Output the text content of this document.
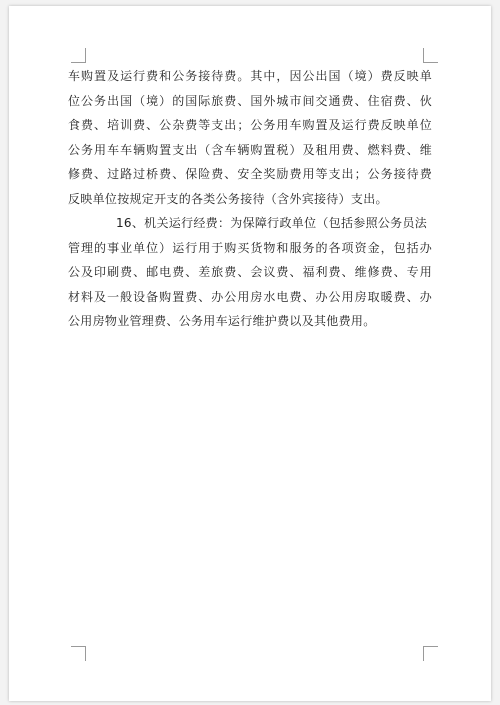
车购置及运行费和公务接待费。其中，因公出国（境）费反映单
位公务出国（境）的国际旅费、国外城市间交通费、住宿费、伙
食费、培训费、公杂费等支出；公务用车购置及运行费反映单位
公务用车车辆购置支出（含车辆购置税）及租用费、燃料费、维
修费、过路过桥费、保险费、安全奖励费用等支出；公务接待费
反映单位按规定开支的各类公务接待（含外宾接待）支出。
16、机关运行经费：为保障行政单位（包括参照公务员法
管理的事业单位）运行用于购买货物和服务的各项资金，包括办
公及印刷费、邮电费、差旅费、会议费、福利费、维修费、专用
材料及一般设备购置费、办公用房水电费、办公用房取暖费、办
公用房物业管理费、公务用车运行维护费以及其他费用。
